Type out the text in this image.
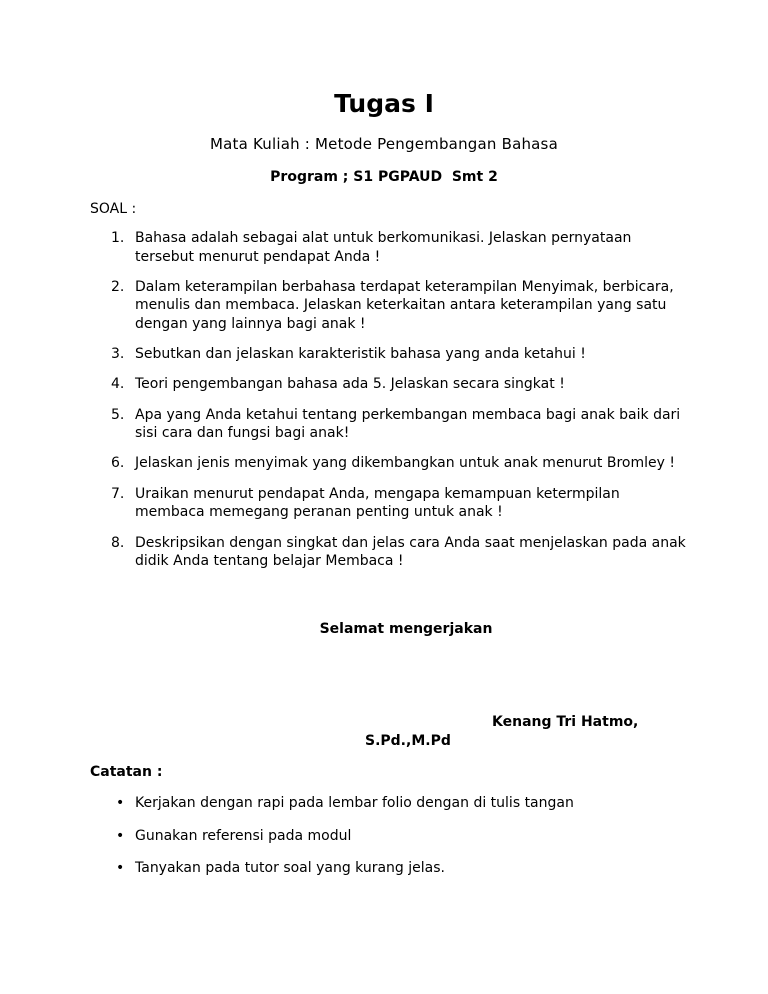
Tugas I
Mata Kuliah : Metode Pengembangan Bahasa
Program ; S1 PGPAUD  Smt 2
SOAL :
1. Bahasa adalah sebagai alat untuk berkomunikasi. Jelaskan pernyataan tersebut menurut pendapat Anda !
2. Dalam keterampilan berbahasa terdapat keterampilan Menyimak, berbicara, menulis dan membaca. Jelaskan keterkaitan antara keterampilan yang satu dengan yang lainnya bagi anak !
3. Sebutkan dan jelaskan karakteristik bahasa yang anda ketahui !
4. Teori pengembangan bahasa ada 5. Jelaskan secara singkat !
5. Apa yang Anda ketahui tentang perkembangan membaca bagi anak baik dari sisi cara dan fungsi bagi anak!
6. Jelaskan jenis menyimak yang dikembangkan untuk anak menurut Bromley !
7. Uraikan menurut pendapat Anda, mengapa kemampuan ketermpilan membaca memegang peranan penting untuk anak !
8. Deskripsikan dengan singkat dan jelas cara Anda saat menjelaskan pada anak didik Anda tentang belajar Membaca !
Selamat mengerjakan
Kenang Tri Hatmo,
S.Pd.,M.Pd
Catatan :
• Kerjakan dengan rapi pada lembar folio dengan di tulis tangan
• Gunakan referensi pada modul
• Tanyakan pada tutor soal yang kurang jelas.
